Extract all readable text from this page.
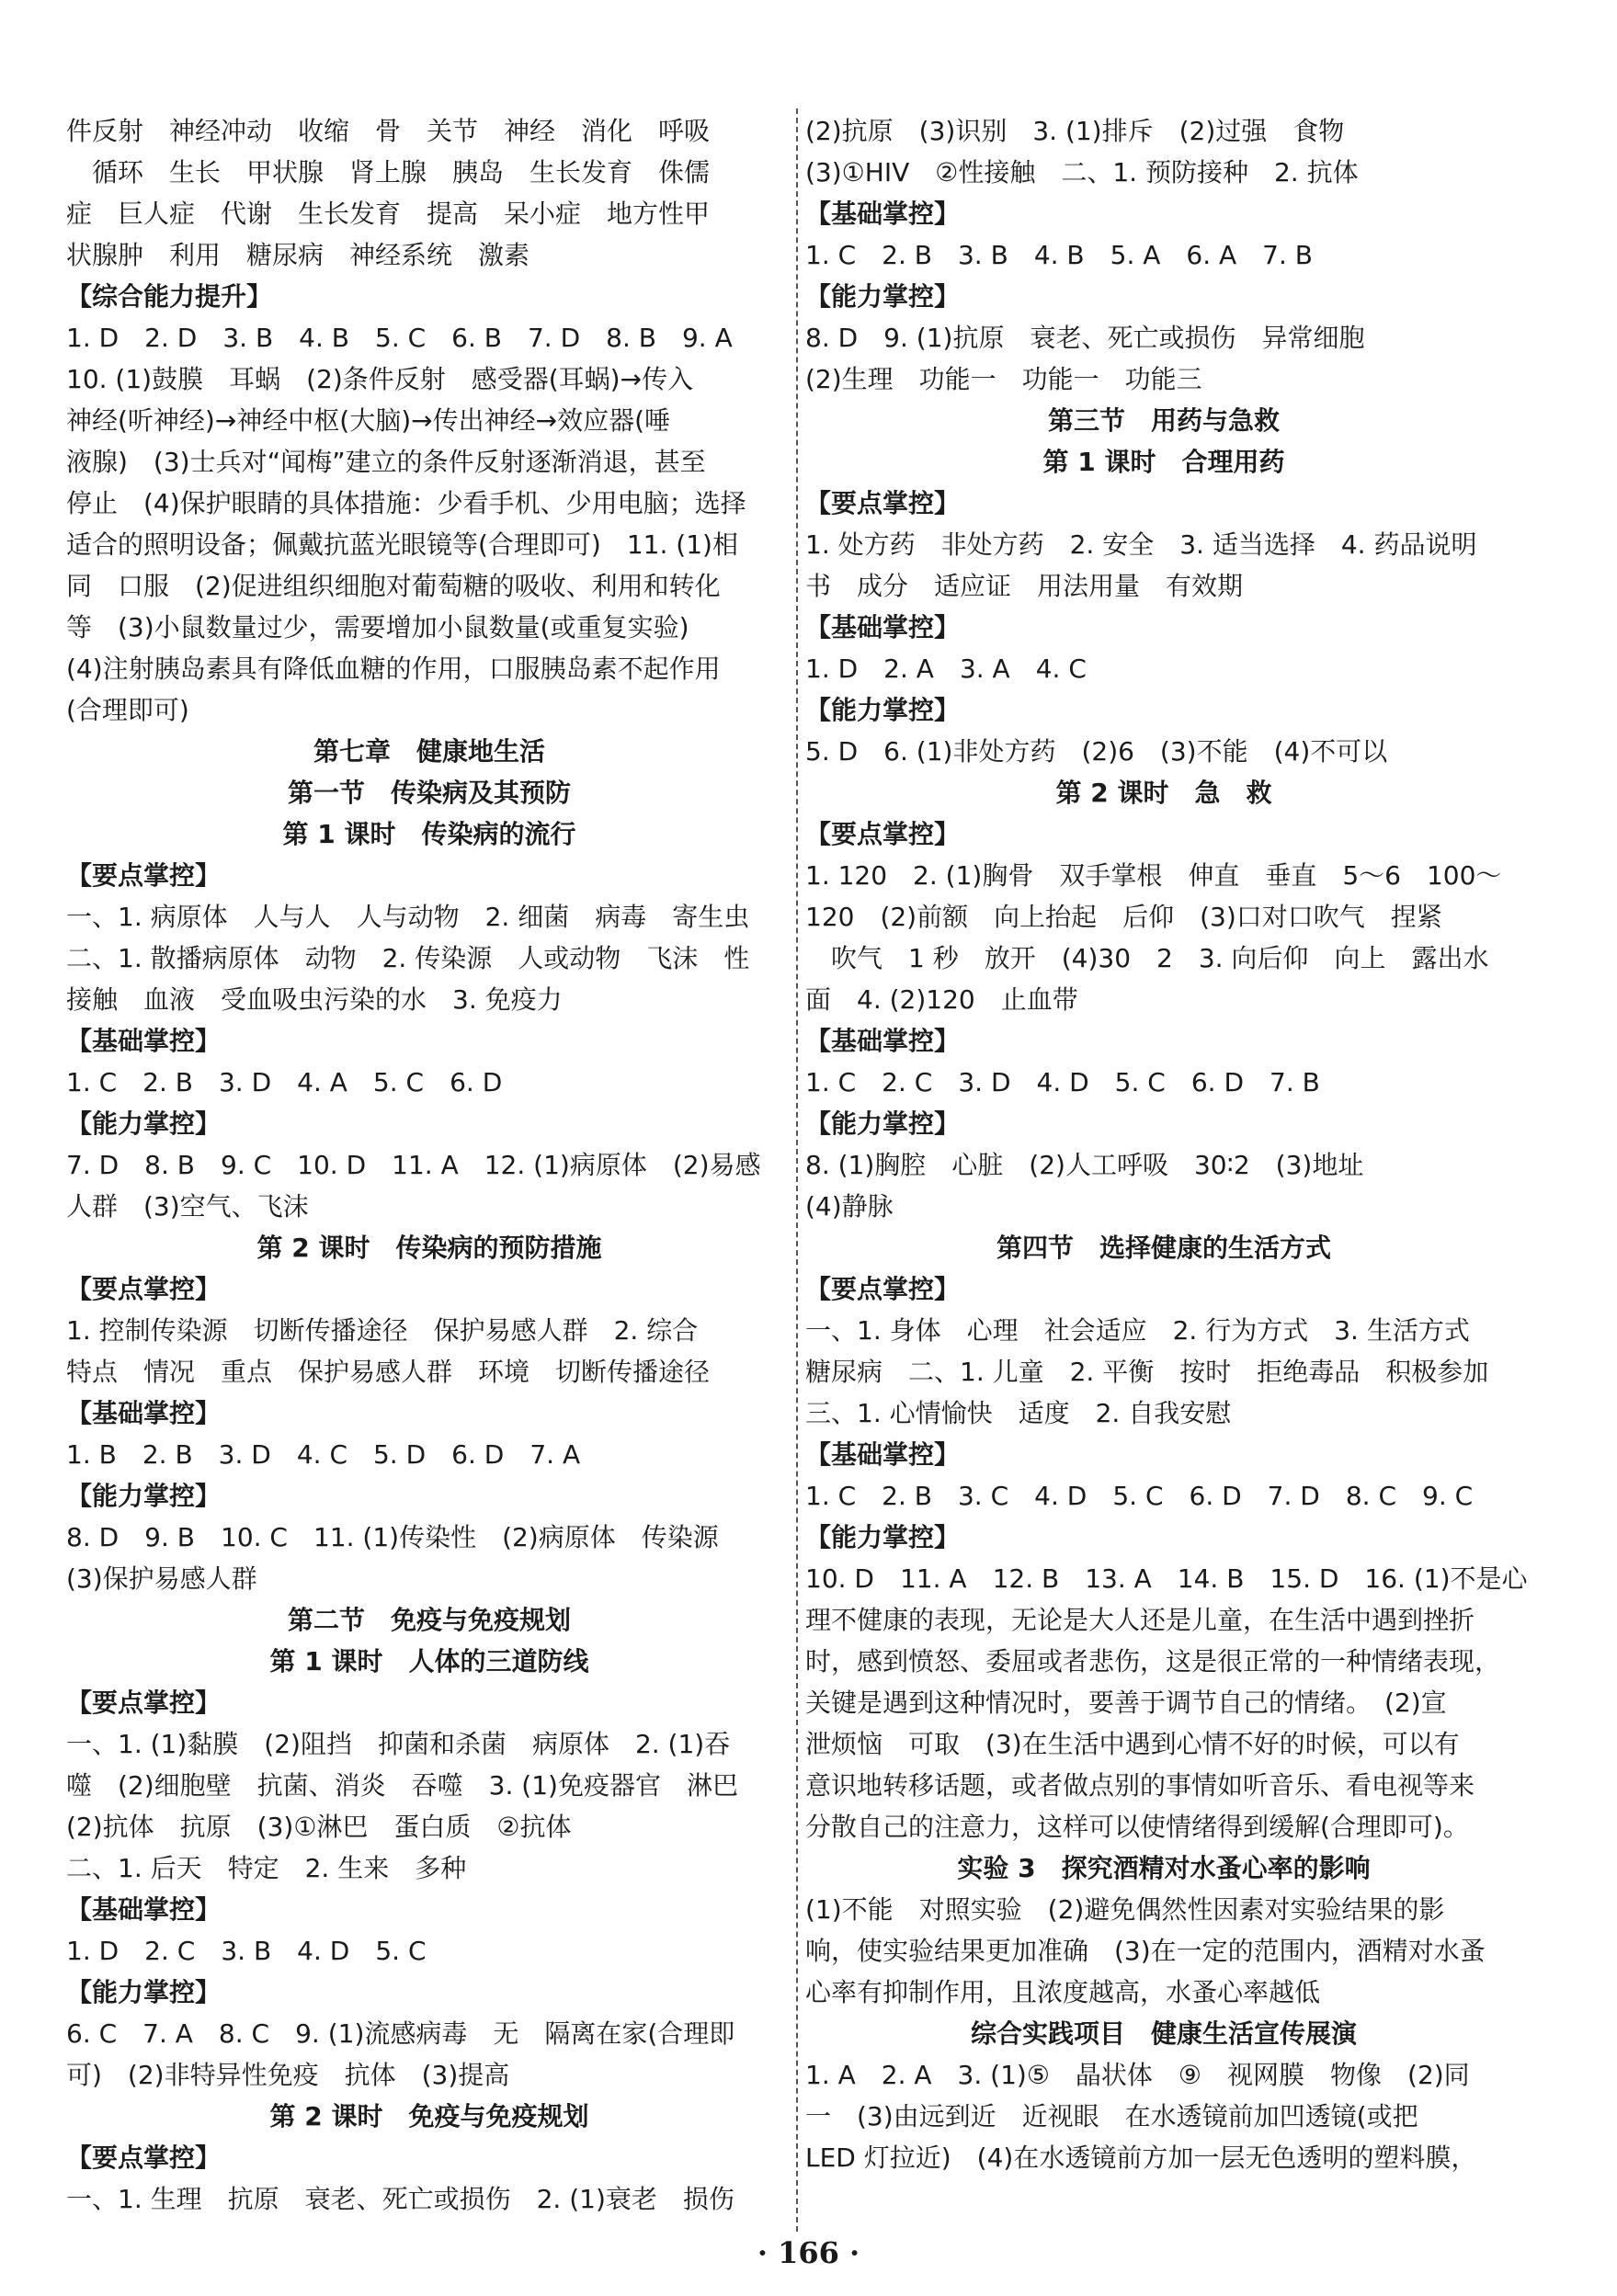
件反射　神经冲动　收缩　骨　关节　神经　消化　呼吸

　循环　生长　甲状腺　肾上腺　胰岛　生长发育　侏儒

症　巨人症　代谢　生长发育　提高　呆小症　地方性甲

状腺肿　利用　糖尿病　神经系统　激素

【综合能力提升】

1. D　2. D　3. B　4. B　5. C　6. B　7. D　8. B　9. A

10. (1)鼓膜　耳蜗　(2)条件反射　感受器(耳蜗)→传入

神经(听神经)→神经中枢(大脑)→传出神经→效应器(唾

液腺)　(3)士兵对“闻梅”建立的条件反射逐渐消退，甚至

停止　(4)保护眼睛的具体措施：少看手机、少用电脑；选择

适合的照明设备；佩戴抗蓝光眼镜等(合理即可)　11. (1)相

同　口服　(2)促进组织细胞对葡萄糖的吸收、利用和转化

等　(3)小鼠数量过少，需要增加小鼠数量(或重复实验)

(4)注射胰岛素具有降低血糖的作用，口服胰岛素不起作用

(合理即可)

第七章　健康地生活

第一节　传染病及其预防

第 1 课时　传染病的流行

【要点掌控】

一、1. 病原体　人与人　人与动物　2. 细菌　病毒　寄生虫

二、1. 散播病原体　动物　2. 传染源　人或动物　飞沫　性

接触　血液　受血吸虫污染的水　3. 免疫力

【基础掌控】

1. C　2. B　3. D　4. A　5. C　6. D

【能力掌控】

7. D　8. B　9. C　10. D　11. A　12. (1)病原体　(2)易感

人群　(3)空气、飞沫

第 2 课时　传染病的预防措施

【要点掌控】

1. 控制传染源　切断传播途径　保护易感人群　2. 综合

特点　情况　重点　保护易感人群　环境　切断传播途径

【基础掌控】

1. B　2. B　3. D　4. C　5. D　6. D　7. A

【能力掌控】

8. D　9. B　10. C　11. (1)传染性　(2)病原体　传染源

(3)保护易感人群

第二节　免疫与免疫规划

第 1 课时　人体的三道防线

【要点掌控】

一、1. (1)黏膜　(2)阻挡　抑菌和杀菌　病原体　2. (1)吞

噬　(2)细胞壁　抗菌、消炎　吞噬　3. (1)免疫器官　淋巴

(2)抗体　抗原　(3)①淋巴　蛋白质　②抗体

二、1. 后天　特定　2. 生来　多种

【基础掌控】

1. D　2. C　3. B　4. D　5. C

【能力掌控】

6. C　7. A　8. C　9. (1)流感病毒　无　隔离在家(合理即

可)　(2)非特异性免疫　抗体　(3)提高

第 2 课时　免疫与免疫规划

【要点掌控】

一、1. 生理　抗原　衰老、死亡或损伤　2. (1)衰老　损伤

(2)抗原　(3)识别　3. (1)排斥　(2)过强　食物

(3)①HIV　②性接触　二、1. 预防接种　2. 抗体

【基础掌控】

1. C　2. B　3. B　4. B　5. A　6. A　7. B

【能力掌控】

8. D　9. (1)抗原　衰老、死亡或损伤　异常细胞

(2)生理　功能一　功能一　功能三

第三节　用药与急救

第 1 课时　合理用药

【要点掌控】

1. 处方药　非处方药　2. 安全　3. 适当选择　4. 药品说明

书　成分　适应证　用法用量　有效期

【基础掌控】

1. D　2. A　3. A　4. C

【能力掌控】

5. D　6. (1)非处方药　(2)6　(3)不能　(4)不可以

第 2 课时　急　救

【要点掌控】

1. 120　2. (1)胸骨　双手掌根　伸直　垂直　5～6　100～

120　(2)前额　向上抬起　后仰　(3)口对口吹气　捏紧

　吹气　1 秒　放开　(4)30　2　3. 向后仰　向上　露出水

面　4. (2)120　止血带

【基础掌控】

1. C　2. C　3. D　4. D　5. C　6. D　7. B

【能力掌控】

8. (1)胸腔　心脏　(2)人工呼吸　30∶2　(3)地址

(4)静脉

第四节　选择健康的生活方式

【要点掌控】

一、1. 身体　心理　社会适应　2. 行为方式　3. 生活方式

糖尿病　二、1. 儿童　2. 平衡　按时　拒绝毒品　积极参加

三、1. 心情愉快　适度　2. 自我安慰

【基础掌控】

1. C　2. B　3. C　4. D　5. C　6. D　7. D　8. C　9. C

【能力掌控】

10. D　11. A　12. B　13. A　14. B　15. D　16. (1)不是心

理不健康的表现，无论是大人还是儿童，在生活中遇到挫折

时，感到愤怒、委屈或者悲伤，这是很正常的一种情绪表现，

关键是遇到这种情况时，要善于调节自己的情绪。　(2)宣

泄烦恼　可取　(3)在生活中遇到心情不好的时候，可以有

意识地转移话题，或者做点别的事情如听音乐、看电视等来

分散自己的注意力，这样可以使情绪得到缓解(合理即可)。

实验 3　探究酒精对水蚤心率的影响

(1)不能　对照实验　(2)避免偶然性因素对实验结果的影

响，使实验结果更加准确　(3)在一定的范围内，酒精对水蚤

心率有抑制作用，且浓度越高，水蚤心率越低

综合实践项目　健康生活宣传展演

1. A　2. A　3. (1)⑤　晶状体　⑨　视网膜　物像　(2)同

一　(3)由远到近　近视眼　在水透镜前加凹透镜(或把

LED 灯拉近)　(4)在水透镜前方加一层无色透明的塑料膜，

· 166 ·
